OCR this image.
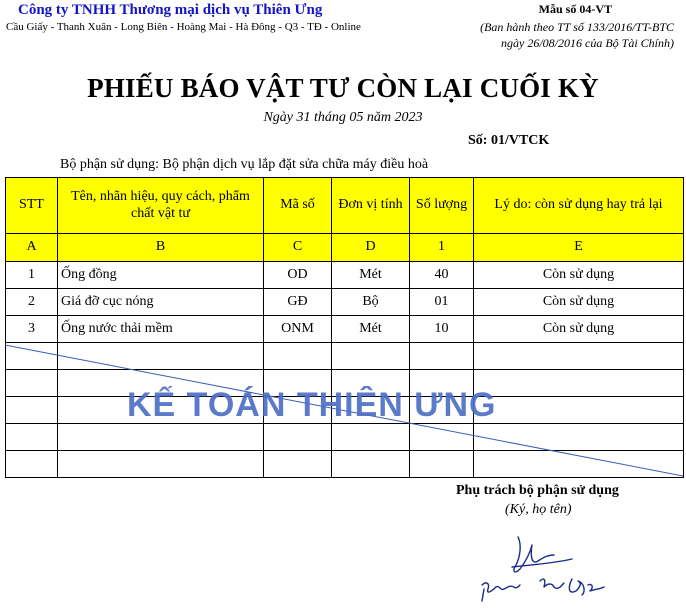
Công ty TNHH Thương mại dịch vụ Thiên Ưng
Cầu Giấy - Thanh Xuân - Long Biên - Hoàng Mai - Hà Đông - Q3 - TĐ - Online
Mẫu số 04-VT
(Ban hành theo TT số 133/2016/TT-BTC
ngày 26/08/2016 của Bộ Tài Chính)
PHIẾU BÁO VẬT TƯ CÒN LẠI CUỐI KỲ
Ngày 31 tháng 05 năm 2023
Số: 01/VTCK
Bộ phận sử dụng: Bộ phận dịch vụ lắp đặt sửa chữa máy điều hoà
STT	Tên, nhãn hiệu, quy cách, phẩm chất vật tư	Mã số	Đơn vị tính	Số lượng	Lý do: còn sử dụng hay trả lại
A	B	C	D	1	E
1	Ống đồng	OD	Mét	40	Còn sử dụng
2	Giá đỡ cục nóng	GĐ	Bộ	01	Còn sử dụng
3	Ống nước thải mềm	ONM	Mét	10	Còn sử dụng

KẾ TOÁN THIÊN ƯNG
Phụ trách bộ phận sử dụng
(Ký, họ tên)
